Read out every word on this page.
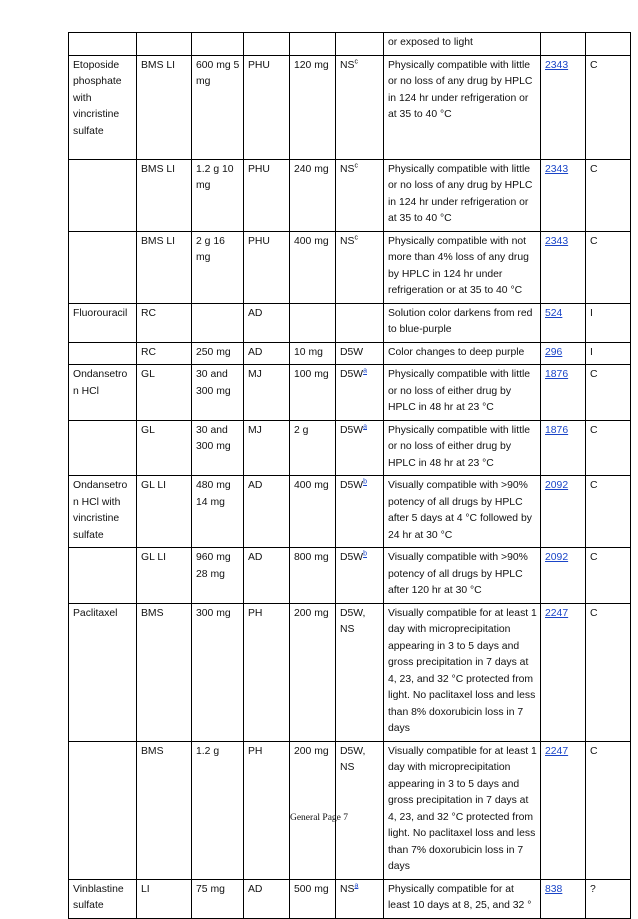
						or exposed to light		
Etoposide phosphate with vincristine sulfate	BMS LI	600 mg 5 mg	PHU	120 mg	$NS^c$	Physically compatible with little or no loss of any drug by HPLC in 124 hr under refrigeration or at 35 to 40 °C	2343	C
	BMS LI	1.2 g 10 mg	PHU	240 mg	$NS^c$	Physically compatible with little or no loss of any drug by HPLC in 124 hr under refrigeration or at 35 to 40 °C	2343	C
	BMS LI	2 g 16 mg	PHU	400 mg	$NS^c$	Physically compatible with not more than 4% loss of any drug by HPLC in 124 hr under refrigeration or at 35 to 40 °C	2343	C
Fluorouracil	RC		AD			Solution color darkens from red to blue-purple	524	I
	RC	250 mg	AD	10 mg	D5W	Color changes to deep purple	296	I
Ondansetron HCl	GL	30 and 300 mg	MJ	100 mg	$D5W^a$	Physically compatible with little or no loss of either drug by HPLC in 48 hr at 23 °C	1876	C
	GL	30 and 300 mg	MJ	2 g	$D5W^a$	Physically compatible with little or no loss of either drug by HPLC in 48 hr at 23 °C	1876	C
Ondansetron HCl with vincristine sulfate	GL LI	480 mg 14 mg	AD	400 mg	$D5W^b$	Visually compatible with >90% potency of all drugs by HPLC after 5 days at 4 °C followed by 24 hr at 30 °C	2092	C
	GL LI	960 mg 28 mg	AD	800 mg	$D5W^b$	Visually compatible with >90% potency of all drugs by HPLC after 120 hr at 30 °C	2092	C
Paclitaxel	BMS	300 mg	PH	200 mg	D5W, NS	Visually compatible for at least 1 day with microprecipitation appearing in 3 to 5 days and gross precipitation in 7 days at 4, 23, and 32 °C protected from light. No paclitaxel loss and less than 8% doxorubicin loss in 7 days	2247	C
	BMS	1.2 g	PH	200 mg	D5W, NS	Visually compatible for at least 1 day with microprecipitation appearing in 3 to 5 days and gross precipitation in 7 days at 4, 23, and 32 °C protected from light. No paclitaxel loss and less than 7% doxorubicin loss in 7 days	2247	C
Vinblastine sulfate	LI	75 mg	AD	500 mg	$NS^a$	Physically compatible for at least 10 days at 8, 25, and 32 °	838	?
General Page 7
